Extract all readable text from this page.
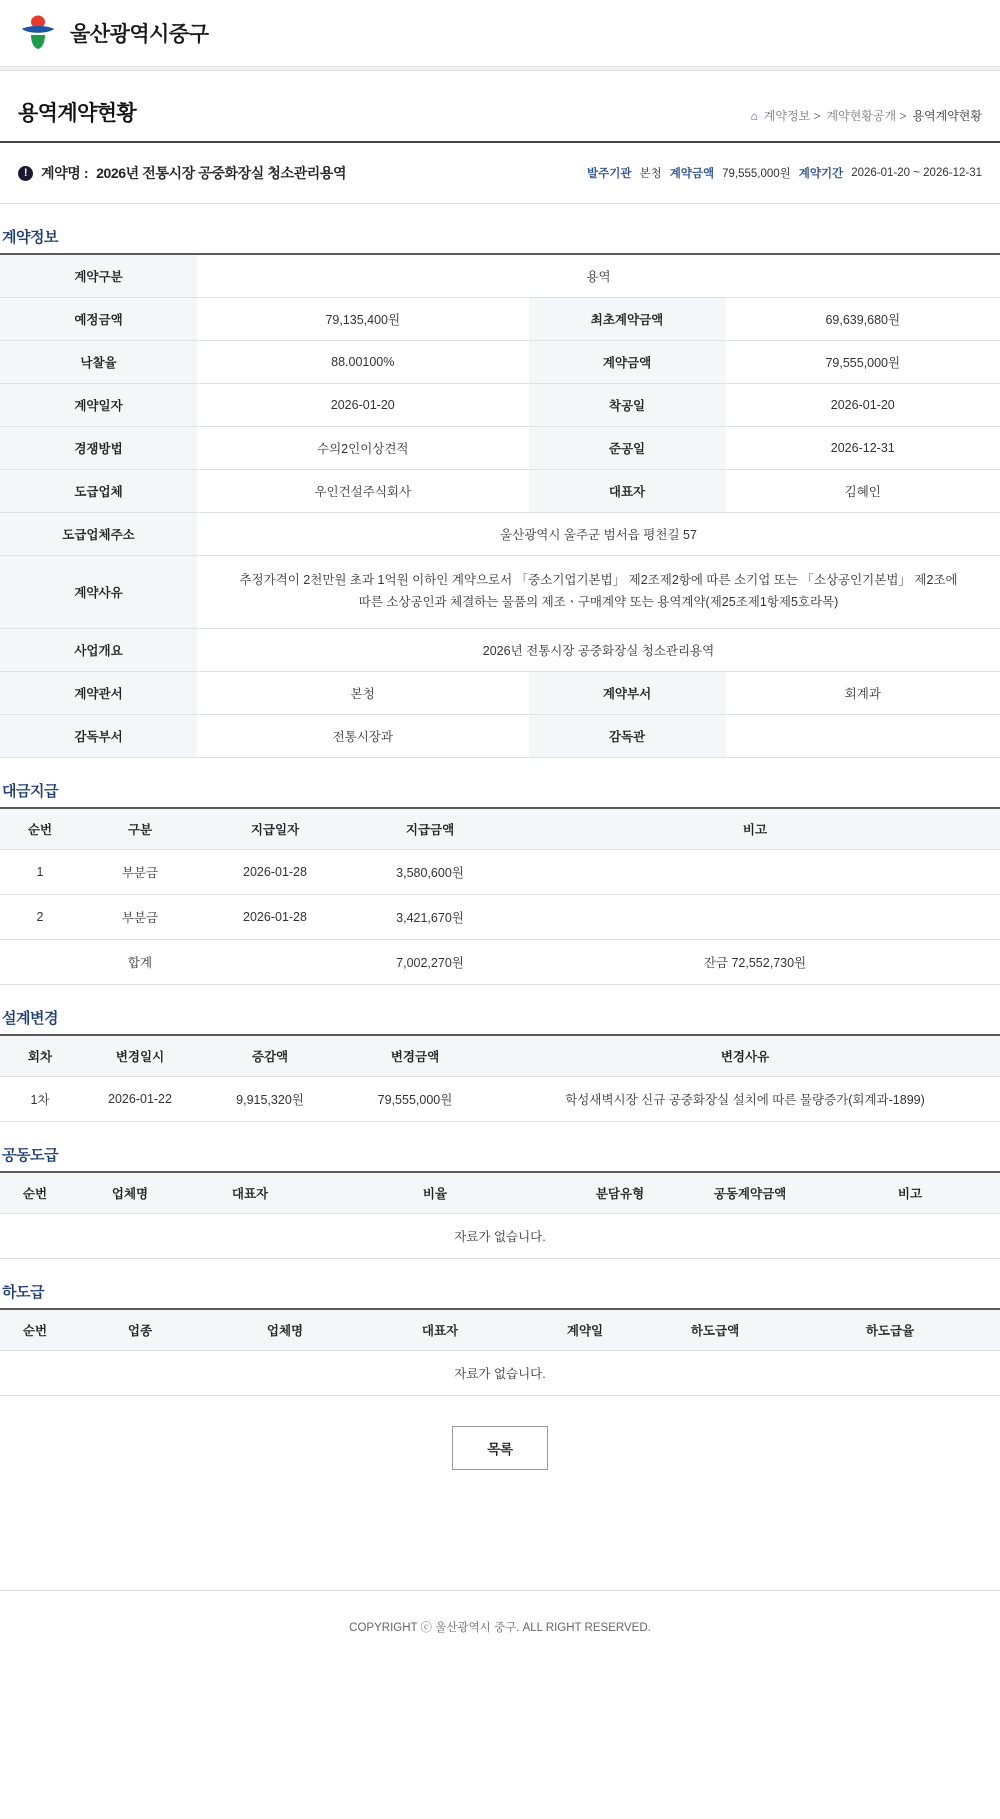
울산광역시중구
용역계약현황	⌂ 계약정보 > 계약현황공개 > 용역계약현황
! 계약명 : 2026년 전통시장 공중화장실 청소관리용역	발주기관 본청 계약금액 79,555,000원 계약기간 2026-01-20 ~ 2026-12-31
계약정보
계약구분	용역		
예정금액	79,135,400원	최초계약금액	69,639,680원
낙찰율	88.00100%	계약금액	79,555,000원
계약일자	2026-01-20	착공일	2026-01-20
경쟁방법	수의2인이상견적	준공일	2026-12-31
도급업체	우인건설주식회사	대표자	김혜인
도급업체주소	울산광역시 울주군 범서읍 평천길 57		
계약사유	추정가격이 2천만원 초과 1억원 이하인 계약으로서 「중소기업기본법」 제2조제2항에 따른 소기업 또는 「소상공인기본법」 제2조에 따른 소상공인과 체결하는 물품의 제조ㆍ구매계약 또는 용역계약(제25조제1항제5호라목)		
사업개요	2026년 전통시장 공중화장실 청소관리용역		
계약관서	본청	계약부서	회계과
감독부서	전통시장과	감독관	
대금지급
순번	구분	지급일자	지급금액	비고
1	부분금	2026-01-28	3,580,600원	
2	부분금	2026-01-28	3,421,670원	
	합계		7,002,270원	잔금 72,552,730원
설계변경
회차	변경일시	증감액	변경금액	변경사유
1차	2026-01-22	9,915,320원	79,555,000원	학성새벽시장 신규 공중화장실 설치에 따른 물량증가(회계과-1899)
공동도급
순번	업체명	대표자	비율	분담유형	공동계약금액	비고
자료가 없습니다.
하도급
순번	업종	업체명	대표자	계약일	하도급액	하도급율
자료가 없습니다.
목록
COPYRIGHT ⓒ 울산광역시 중구. ALL RIGHT RESERVED.
